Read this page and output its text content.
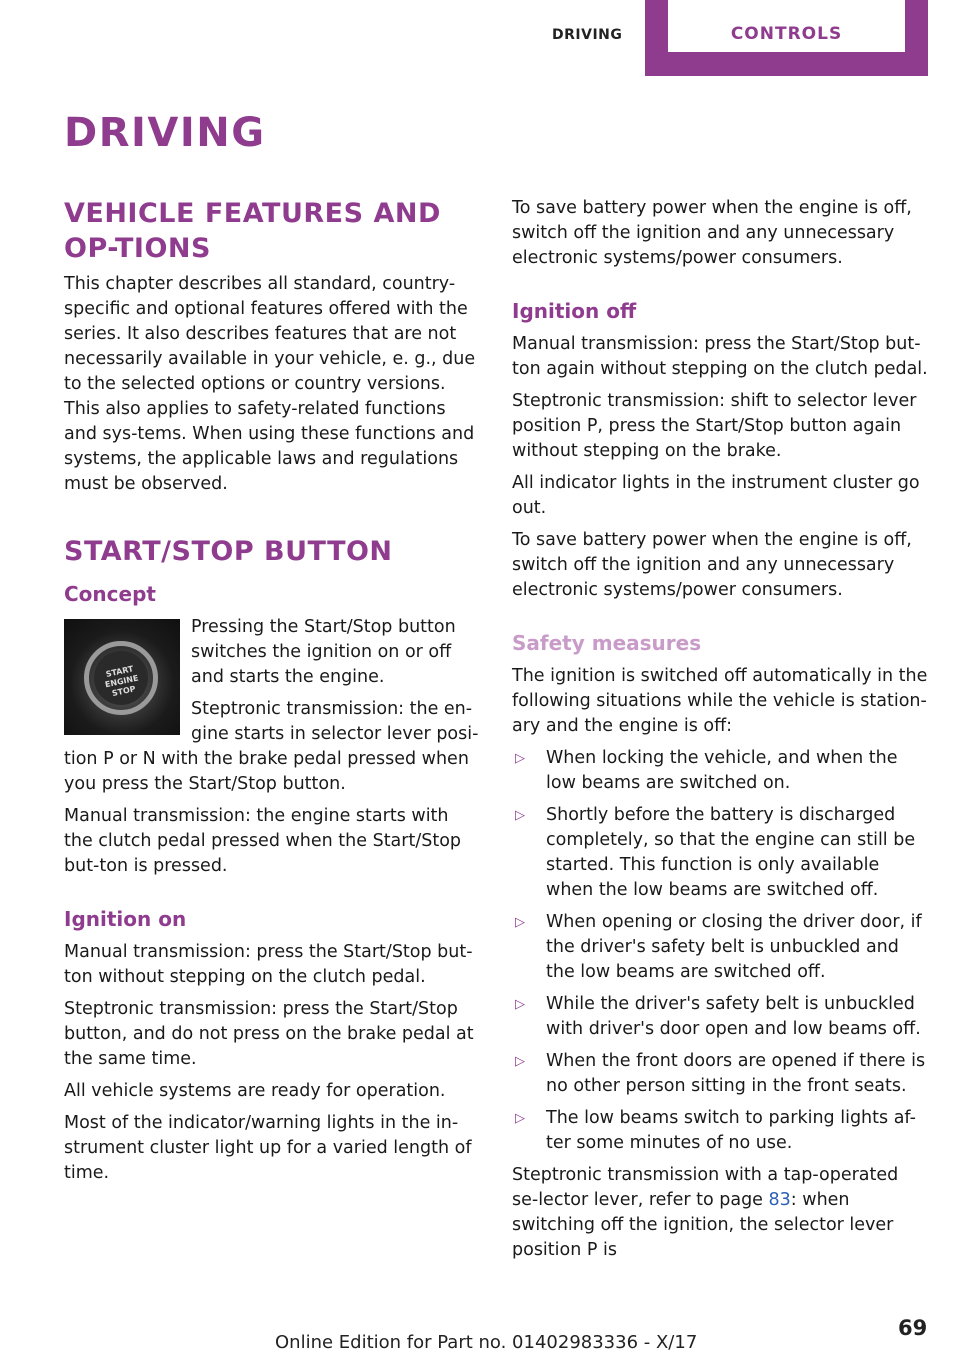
DRIVING	CONTROLS
DRIVING
VEHICLE FEATURES AND OP-TIONS

This chapter describes all standard, country-specific and optional features offered with the series. It also describes features that are not necessarily available in your vehicle, e. g., due to the selected options or country versions. This also applies to safety-related functions and sys-tems. When using these functions and systems, the applicable laws and regulations must be observed.

START/STOP BUTTON
Concept
START ENGINE STOP

Pressing the Start/Stop button switches the ignition on or off and starts the engine.

Steptronic transmission: the en-gine starts in selector lever posi-tion P or N with the brake pedal pressed when you press the Start/Stop button.

Manual transmission: the engine starts with the clutch pedal pressed when the Start/Stop but-ton is pressed.

Ignition on

Manual transmission: press the Start/Stop but-ton without stepping on the clutch pedal.

Steptronic transmission: press the Start/Stop button, and do not press on the brake pedal at the same time.

All vehicle systems are ready for operation.

Most of the indicator/warning lights in the in-strument cluster light up for a varied length of time.

To save battery power when the engine is off, switch off the ignition and any unnecessary electronic systems/power consumers.

Ignition off

Manual transmission: press the Start/Stop but-ton again without stepping on the clutch pedal.

Steptronic transmission: shift to selector lever position P, press the Start/Stop button again without stepping on the brake.

All indicator lights in the instrument cluster go out.

To save battery power when the engine is off, switch off the ignition and any unnecessary electronic systems/power consumers.

Safety measures

The ignition is switched off automatically in the following situations while the vehicle is station-ary and the engine is off:

▷ When locking the vehicle, and when the low beams are switched on.
▷ Shortly before the battery is discharged completely, so that the engine can still be started. This function is only available when the low beams are switched off.
▷ When opening or closing the driver door, if the driver's safety belt is unbuckled and the low beams are switched off.
▷ While the driver's safety belt is unbuckled with driver's door open and low beams off.
▷ When the front doors are opened if there is no other person sitting in the front seats.
▷ The low beams switch to parking lights af-ter some minutes of no use.

Steptronic transmission with a tap-operated se-lector lever, refer to page 83: when switching off the ignition, the selector lever position P is

Online Edition for Part no. 01402983336 - X/17
69
